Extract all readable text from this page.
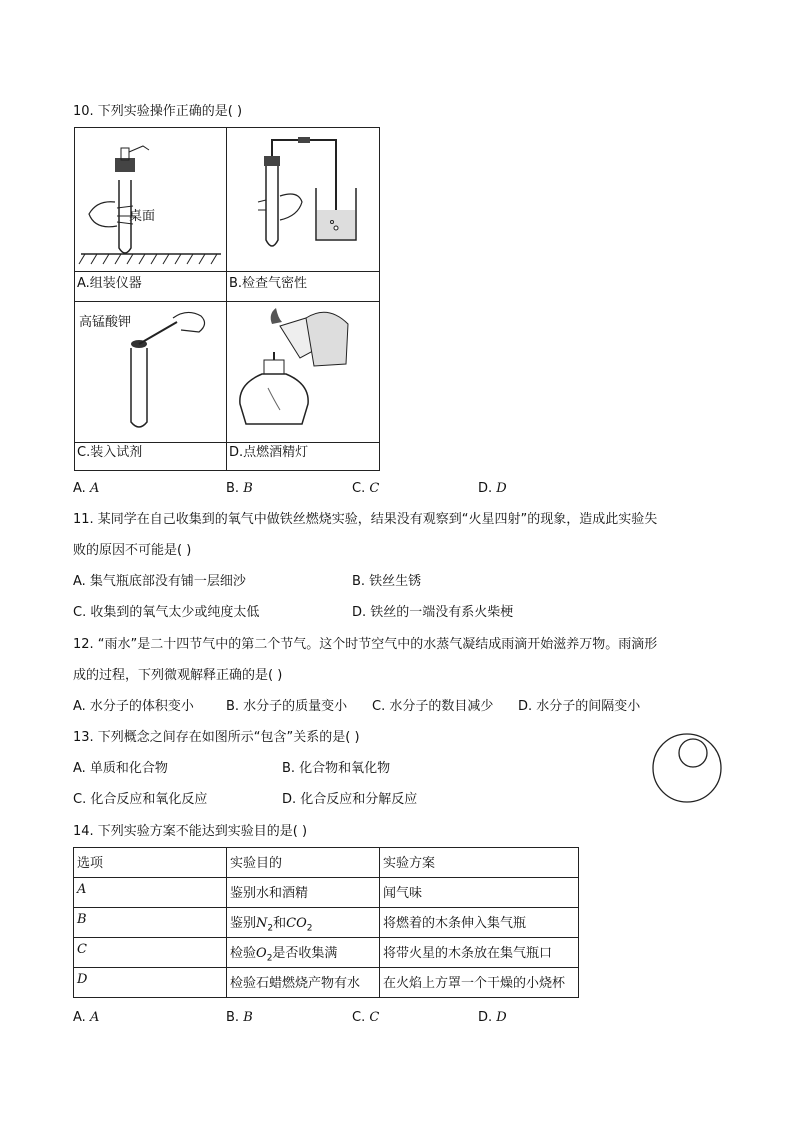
10. 下列实验操作正确的是( )
桌面
A.组装仪器	B.检查气密性
高锰酸钾
C.装入试剂	D.点燃酒精灯
A. A	B. B	C. C	D. D
11. 某同学在自己收集到的氧气中做铁丝燃烧实验，结果没有观察到“火星四射”的现象，造成此实验失
败的原因不可能是( )
A. 集气瓶底部没有铺一层细沙	B. 铁丝生锈
C. 收集到的氧气太少或纯度太低	D. 铁丝的一端没有系火柴梗
12. “雨水”是二十四节气中的第二个节气。这个时节空气中的水蒸气凝结成雨滴开始滋养万物。雨滴形
成的过程，下列微观解释正确的是( )
A. 水分子的体积变小 B. 水分子的质量变小 C. 水分子的数目减少 D. 水分子的间隔变小
13. 下列概念之间存在如图所示“包含”关系的是( )
A. 单质和化合物	B. 化合物和氧化物
C. 化合反应和氧化反应	D. 化合反应和分解反应
14. 下列实验方案不能达到实验目的是( )
选项	实验目的	实验方案
A	鉴别水和酒精	闻气味
B	鉴别$N_2$和$CO_2$	将燃着的木条伸入集气瓶
C	检验$O_2$是否收集满	将带火星的木条放在集气瓶口
D	检验石蜡燃烧产物有水	在火焰上方罩一个干燥的小烧杯
A. A	B. B	C. C	D. D
